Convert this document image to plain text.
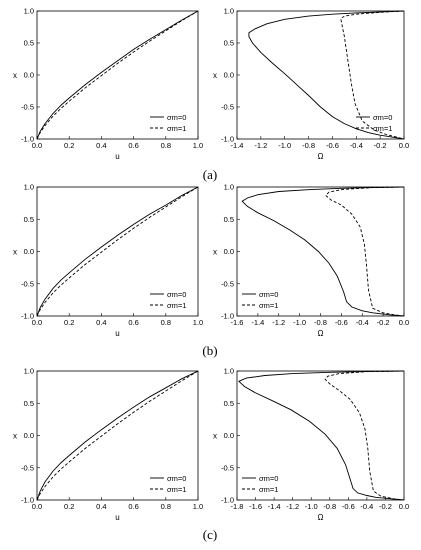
0.0	0.2	0.4	0.6	0.8	1.0
-1.0
-0.5
0.0
0.5
1.0
u
x
σm=0
σm=1
-1.4 -1.2 -1.0 -0.8 -0.6 -0.4 -0.2 0.0
-1.0
-0.5
0.0
0.5
1.0
Ω
x
σm=0
σm=1
0.0	0.2	0.4	0.6	0.8	1.0
-1.0
-0.5
0.0
0.5
1.0
u
x
σm=0
σm=1
-1.6 -1.4 -1.2 -1.0 -0.8 -0.6 -0.4 -0.2 0.0
-1.0
-0.5
0.0
0.5
1.0
Ω
x
σm=0
σm=1
0.0	0.2	0.4	0.6	0.8	1.0
-1.0
-0.5
0.0
0.5
1.0
u
x
σm=0
σm=1
-1.8 -1.6 -1.4 -1.2 -1.0 -0.8 -0.6 -0.4 -0.2 0.0
-1.0
-0.5
0.0
0.5
1.0
Ω
x
σm=0
σm=1
(a)
(b)
(c)
